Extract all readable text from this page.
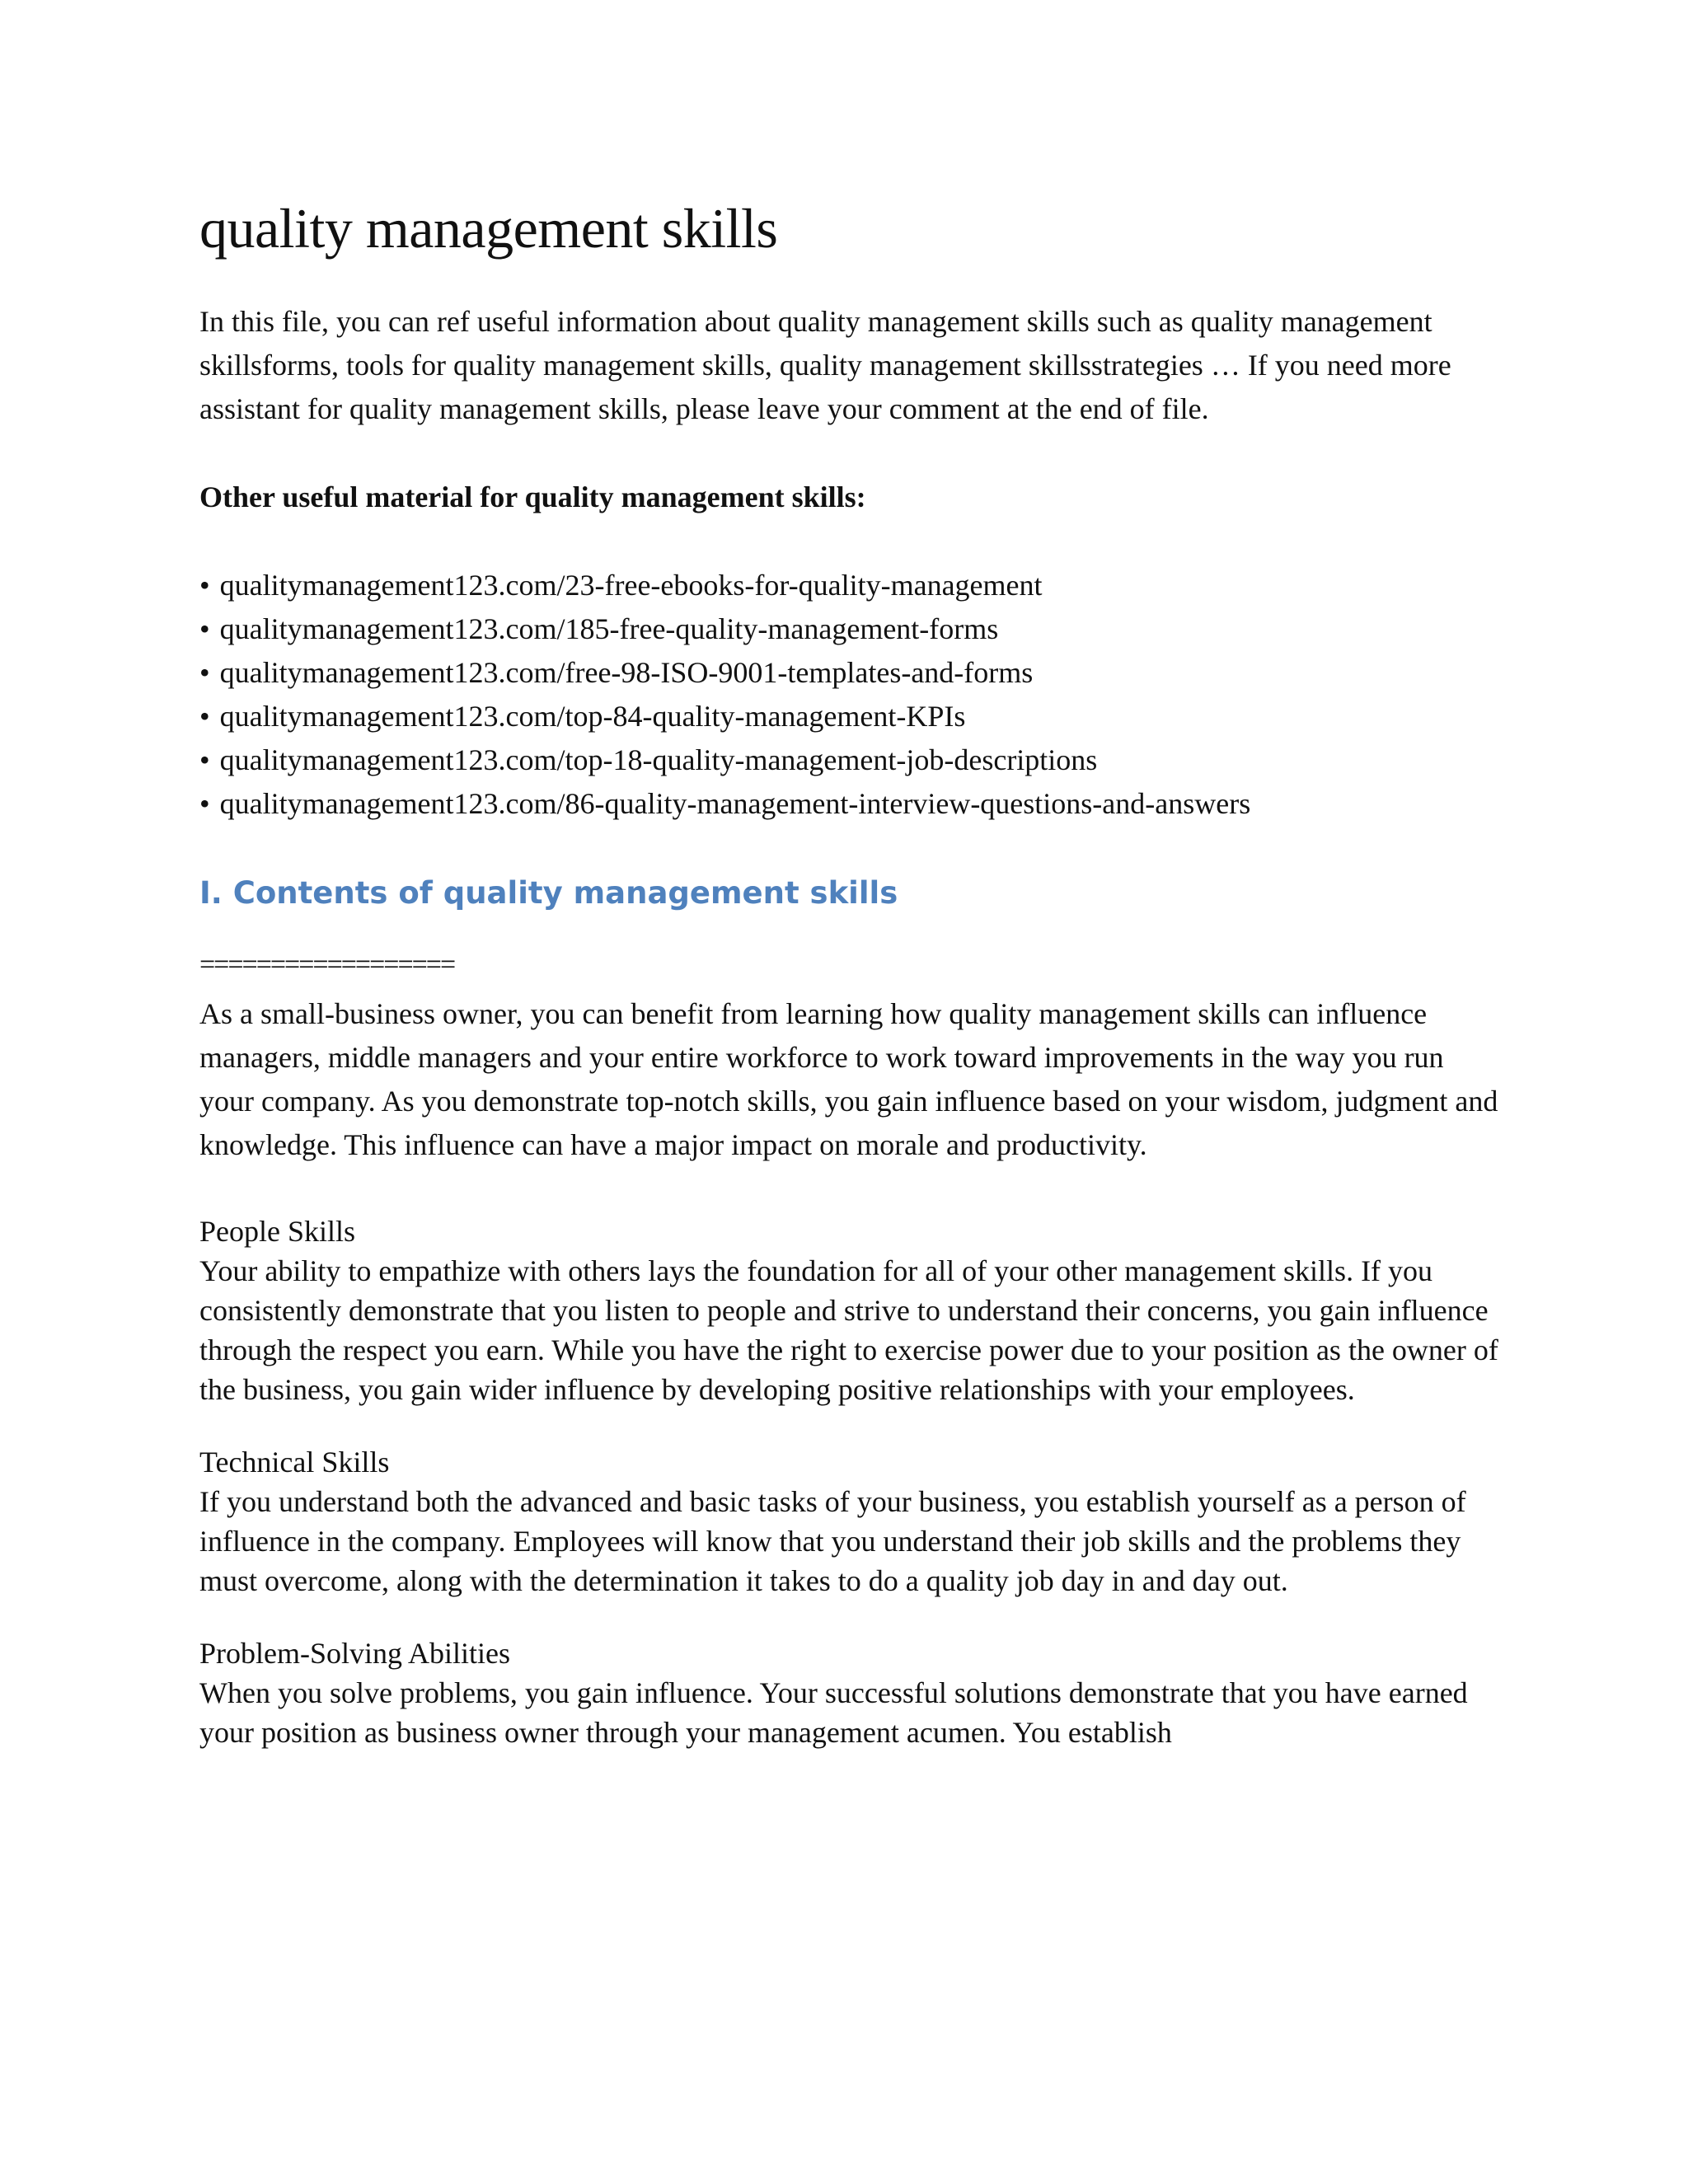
quality management skills

In this file, you can ref useful information about quality management skills such as quality management skillsforms, tools for quality management skills, quality management skillsstrategies … If you need more assistant for quality management skills, please leave your comment at the end of file.

Other useful material for quality management skills:

• qualitymanagement123.com/23-free-ebooks-for-quality-management
• qualitymanagement123.com/185-free-quality-management-forms
• qualitymanagement123.com/free-98-ISO-9001-templates-and-forms
• qualitymanagement123.com/top-84-quality-management-KPIs
• qualitymanagement123.com/top-18-quality-management-job-descriptions
• qualitymanagement123.com/86-quality-management-interview-questions-and-answers
I. Contents of quality management skills

==================

As a small-business owner, you can benefit from learning how quality management skills can influence managers, middle managers and your entire workforce to work toward improvements in the way you run your company. As you demonstrate top-notch skills, you gain influence based on your wisdom, judgment and knowledge. This influence can have a major impact on morale and productivity.

People Skills

Your ability to empathize with others lays the foundation for all of your other management skills. If you consistently demonstrate that you listen to people and strive to understand their concerns, you gain influence through the respect you earn. While you have the right to exercise power due to your position as the owner of the business, you gain wider influence by developing positive relationships with your employees.

Technical Skills

If you understand both the advanced and basic tasks of your business, you establish yourself as a person of influence in the company. Employees will know that you understand their job skills and the problems they must overcome, along with the determination it takes to do a quality job day in and day out.

Problem-Solving Abilities

When you solve problems, you gain influence. Your successful solutions demonstrate that you have earned your position as business owner through your management acumen. You establish
